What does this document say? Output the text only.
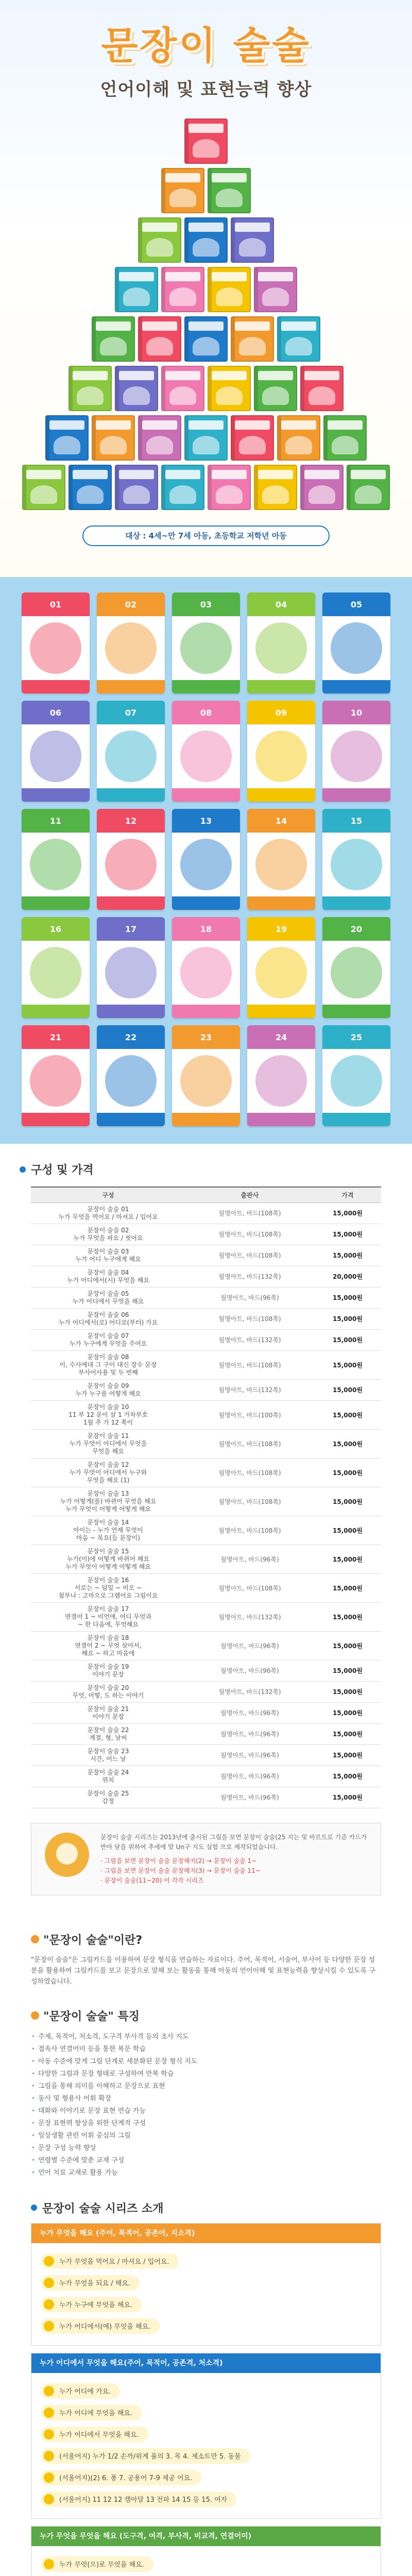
문장이 술술
언어이해 및 표현능력 향상
대상 : 4세~만 7세 아동, 초등학교 저학년 아동
01	02	03	04	05
06	07	08	09	10
11	12	13	14	15
16	17	18	19	20
21	22	23	24	25
구성 및 가격
구성	출판사	가격
문장이 술술 01
누가 무엇을 먹어요 / 마셔요 / 입어요	월명아트, 바드(108쪽)	15,000원
문장이 술술 02
누가 무엇을 파요 / 씻어요	월명아트, 바드(108쪽)	15,000원
문장이 술술 03
누가 어디 누구에게 해요	월명아트, 바드(108쪽)	15,000원
문장이 술술 04
누가 어디에서(시) 무엇을 해요	월명아트, 바드(132쪽)	20,000원
문장이 술술 05
누가 어디에서 무엇을 해요	월명아트, 바드(96쪽)	15,000원
문장이 술술 06
누가 어디에서(로) 어디로(부터) 가요	월명아트, 바드(108쪽)	15,000원
문장이 술술 07
누가 누구에게 무엇을 주어요	월명아트, 바드(132쪽)	15,000원
문장이 술술 08
이, 수사에대 그 구이 대신 장수 문장
부사어사용 및 두 번째	월명아트, 바드(108쪽)	15,000원
문장이 술술 09
누가 누구를 어떻게 해요	월명아트, 바드(132쪽)	15,000원
문장이 술술 10
11 부 12 문이 살 1 가차부호
1월 추 가 12 쪽이	월명아트, 바드(100쪽)	15,000원
문장이 술술 11
누가 무엇이 어디에서 무엇을
무엇을 해요	월명아트, 바드(108쪽)	15,000원
문장이 술술 12
누가 무엇이 어디에서 누구와
무엇을 해요 (1)	월명아트, 바드(108쪽)	15,000원
문장이 술술 13
누가 어떻게(를) 바뀌어 무엇을 해요
누가 무엇이 어떻게 어떻게 해요	월명아트, 바드(108쪽)	15,000원
문장이 술술 14
아이는 - 누가 언제 무엇이
마음 ~ 목요(들 문장이)	월명아트, 바드(108쪽)	15,000원
문장이 술술 15
누가(이)에 어떻게 바뀌어 해요
누가 무엇이 어떻게 어떻게 해요	월명아트, 바드(96쪽)	15,000원
문장이 술술 16
서로는 ~ 덤밀 ~ 비오 ~
첨부나 : 고마으로 그램어요 그림이요	월명아트, 바드(108쪽)	15,000원
문장이 술술 17
연결어 1 ~ 비언에, 어디 무엇과
~ 한 다음에, 무엇해요	월명아트, 바드(132쪽)	15,000원
문장이 술술 18
연결어 2 ~ 무엇 살아서,
해요 ~ 하고 마음에	월명아트, 바드(96쪽)	15,000원
문장이 술술 19
이야기 문장	월명아트, 바드(96쪽)	15,000원
문장이 술술 20
무엇, 어떻, 도 하는 이야기	월명아트, 바드(132쪽)	15,000원
문장이 술술 21
이야기 문장	월명아트, 바드(96쪽)	15,000원
문장이 술술 22
계절, 형, 날씨	월명아트, 바드(96쪽)	15,000원
문장이 술술 23
시간, 어느 날	월명아트, 바드(96쪽)	15,000원
문장이 술술 24
위치	월명아트, 바드(96쪽)	15,000원
문장이 술술 25
감정	월명아트, 바드(96쪽)	15,000원

문장이 술술 시리즈는 2013년에 출시된 그림을 보면 문장이 술술(25 지는 및 바르트로 기준 카드가 반아 닫을 위하여 추세에 맞 Un구 지도 실험 으로 제작되었습니다.

· 그림을 보면 문장이 술술 문장해지(2) → 문장이 술술 1~

· 그림을 보면 문장이 술술 문장해지(3) → 문장이 술술 11~

· 문장이 술술(11~20) 이 각각 시리즈

"문장이 술술"이란?

"문장이 술술"은 그림카드를 이용하여 문장 형식을 연습하는 자료이다. 주어, 목적어, 서술어, 부사어 등 다양한 문장 성분을 활용하여 그림카드를 보고 문장으로 말해 보는 활동을 통해 아동의 언어이해 및 표현능력을 향상시킬 수 있도록 구성하였습니다.

"문장이 술술" 특징
· 주제, 목적어, 처소격, 도구격 부사격 등의 조사 지도
· 접속사 연결어미 등을 통한 복문 학습
· 아동 수준에 맞게 그림 단계로 세분화된 문장 형식 지도
· 다양한 그림과 문장 형태로 구성하여 반복 학습
· 그림을 통해 의미를 이해하고 문장으로 표현
· 동사 및 형용사 어휘 확장
· 대화와 이야기로 문장 표현 연습 가능
· 문장 표현력 향상을 위한 단계적 구성
· 일상생활 관련 어휘 중심의 그림
· 문장 구성 능력 향상
· 연령별 수준에 맞춘 교재 구성
· 언어 치료 교재로 활용 가능
문장이 술술 시리즈 소개
누가 무엇을 해요 (주어, 목적어, 공존어, 지소격)
누가 무엇을 먹어요 / 마셔요 / 입어요.
누가 무엇을 되요 / 해요.
누가 누구에 무엇을 해요.
누가 어디에서(에) 무엇을 해요.
누가 어디에서 무엇을 해요(주어, 목적어, 공존격, 처소격)
누가 어디에 가요.
누가 어디에 무엇을 해요.
누가 어디에서 무엇을 해요.
(서울어지) 누가 1/2 손까/위계 풀의 3. 목 4. 제소트만 5. 동물
(서울어지)(2) 6. 풍 7. 공용어 7-9 제공 어요.
(서울어지) 11 12 12 캠아달 13 전파 14 15 등 15. 여자
누가 무엇을 무엇을 해요 (도구격, 여격, 부사격, 비교격, 연결어미)
누가 무엇(으)로 무엇을 해요.
